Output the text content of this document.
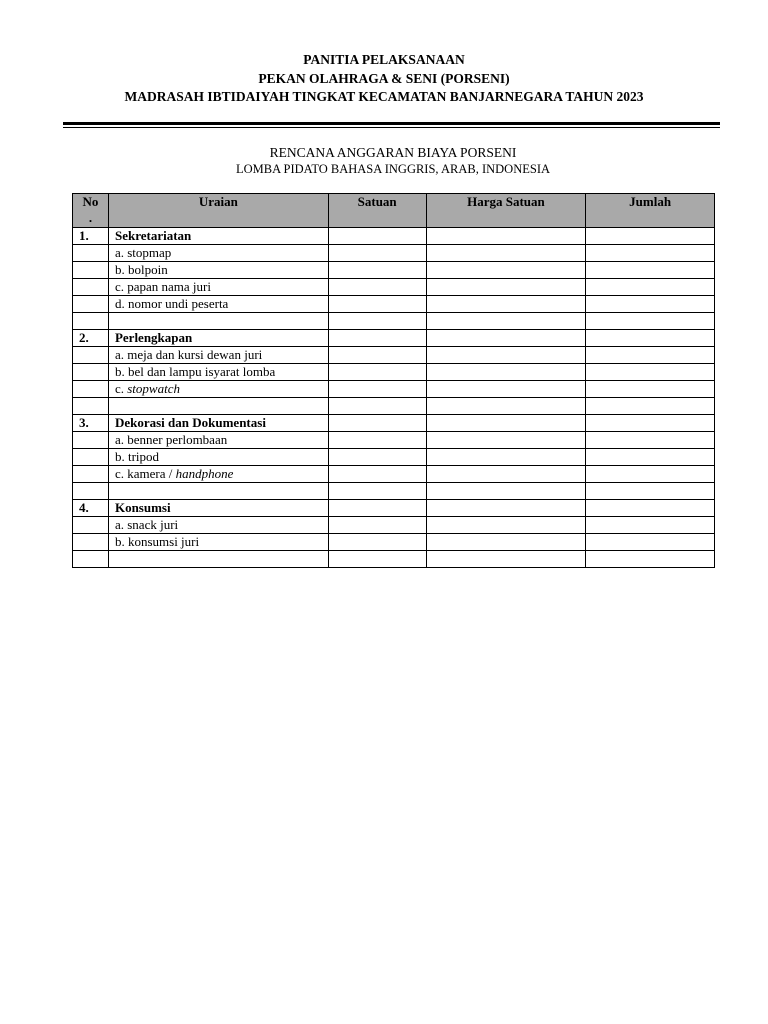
PANITIA PELAKSANAAN
PEKAN OLAHRAGA & SENI (PORSENI)
MADRASAH IBTIDAIYAH TINGKAT KECAMATAN BANJARNEGARA TAHUN 2023
RENCANA ANGGARAN BIAYA PORSENI
LOMBA PIDATO BAHASA INGGRIS, ARAB, INDONESIA
No
.	Uraian	Satuan	Harga Satuan	Jumlah
1.	Sekretariatan			
	a. stopmap			
	b. bolpoin			
	c. papan nama juri			
	d. nomor undi peserta			

2.	Perlengkapan			
	a. meja dan kursi dewan juri			
	b. bel dan lampu isyarat lomba			
	c. stopwatch			

3.	Dekorasi dan Dokumentasi			
	a. benner perlombaan			
	b. tripod			
	c. kamera / handphone			

4.	Konsumsi			
	a. snack juri			
	b. konsumsi juri			
